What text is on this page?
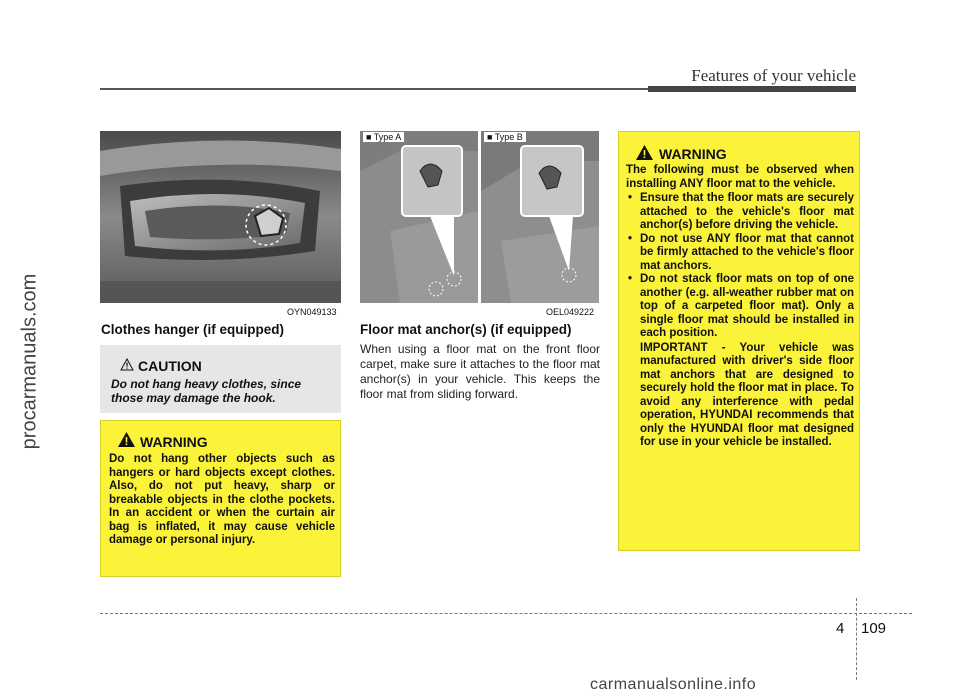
Features of your vehicle
procarmanuals.com	OYN049133
Clothes hanger (if equipped)
CAUTION
Do not hang heavy clothes, since those may damage the hook.
WARNING
Do not hang other objects such as hangers or hard objects except clothes. Also, do not put heavy, sharp or breakable objects in the clothe pockets. In an accident or when the curtain air bag is inflated, it may cause vehicle damage or personal injury.
■ Type A	■ Type B
OEL049222
Floor mat anchor(s) (if equipped)
When using a floor mat on the front floor carpet, make sure it attaches to the floor mat anchor(s) in your vehicle. This keeps the floor mat from sliding forward.
WARNING
The following must be observed when installing ANY floor mat to the vehicle.
• Ensure that the floor mats are securely attached to the vehicle's floor mat anchor(s) before driving the vehicle.
• Do not use ANY floor mat that cannot be firmly attached to the vehicle's floor mat anchors.
• Do not stack floor mats on top of one another (e.g. all-weather rubber mat on top of a carpeted floor mat). Only a single floor mat should be installed in each position.
IMPORTANT - Your vehicle was manufactured with driver's side floor mat anchors that are designed to securely hold the floor mat in place. To avoid any interference with pedal operation, HYUNDAI recommends that only the HYUNDAI floor mat designed for use in your vehicle be installed.
4 109
carmanualsonline.info
